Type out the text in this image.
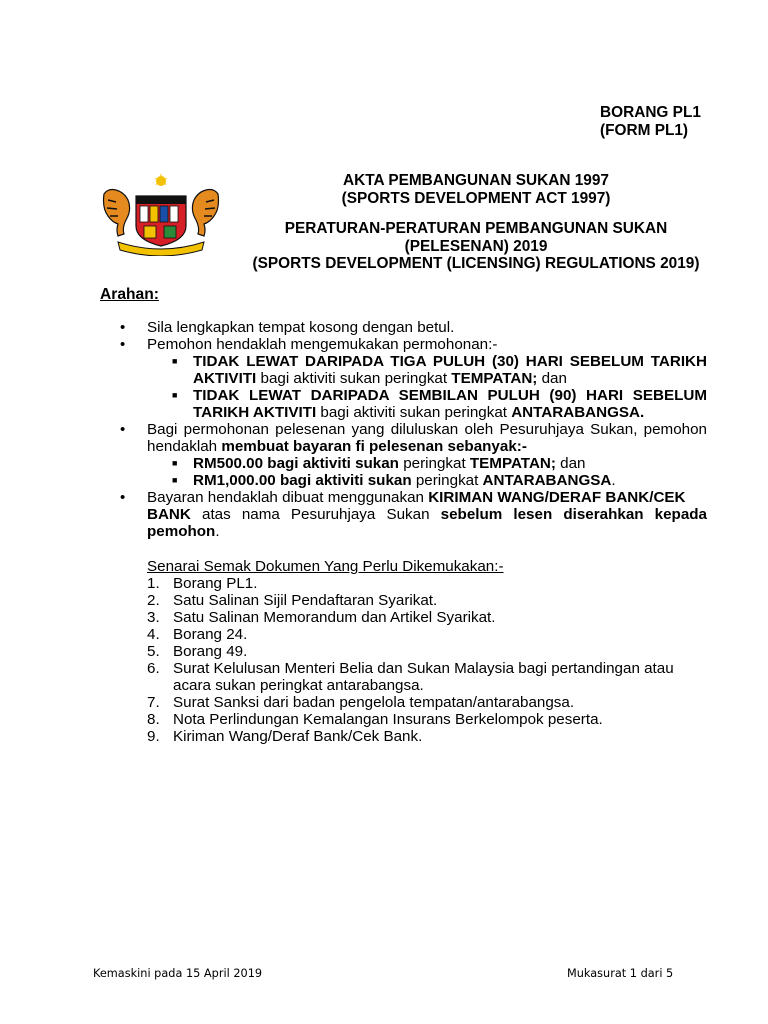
BORANG PL1
(FORM PL1)
AKTA PEMBANGUNAN SUKAN 1997
(SPORTS DEVELOPMENT ACT 1997)
PERATURAN-PERATURAN PEMBANGUNAN SUKAN
(PELESENAN) 2019
(SPORTS DEVELOPMENT (LICENSING) REGULATIONS 2019)
Arahan:
• Sila lengkapkan tempat kosong dengan betul.
• Pemohon hendaklah mengemukakan permohonan:-
■ TIDAK LEWAT DARIPADA TIGA PULUH (30) HARI SEBELUM TARIKH
AKTIVITI bagi aktiviti sukan peringkat TEMPATAN; dan
■ TIDAK LEWAT DARIPADA SEMBILAN PULUH (90) HARI SEBELUM
TARIKH AKTIVITI bagi aktiviti sukan peringkat ANTARABANGSA.
• Bagi permohonan pelesenan yang diluluskan oleh Pesuruhjaya Sukan, pemohon
hendaklah membuat bayaran fi pelesenan sebanyak:-
■ RM500.00 bagi aktiviti sukan peringkat TEMPATAN; dan
■ RM1,000.00 bagi aktiviti sukan peringkat ANTARABANGSA.
• Bayaran hendaklah dibuat menggunakan KIRIMAN WANG/DERAF BANK/CEK
BANK atas nama Pesuruhjaya Sukan sebelum lesen diserahkan kepada
pemohon.
Senarai Semak Dokumen Yang Perlu Dikemukakan:-
1. Borang PL1.
2. Satu Salinan Sijil Pendaftaran Syarikat.
3. Satu Salinan Memorandum dan Artikel Syarikat.
4. Borang 24.
5. Borang 49.
6. Surat Kelulusan Menteri Belia dan Sukan Malaysia bagi pertandingan atau
acara sukan peringkat antarabangsa.
7. Surat Sanksi dari badan pengelola tempatan/antarabangsa.
8. Nota Perlindungan Kemalangan Insurans Berkelompok peserta.
9. Kiriman Wang/Deraf Bank/Cek Bank.
Kemaskini pada 15 April 2019	Mukasurat 1 dari 5
